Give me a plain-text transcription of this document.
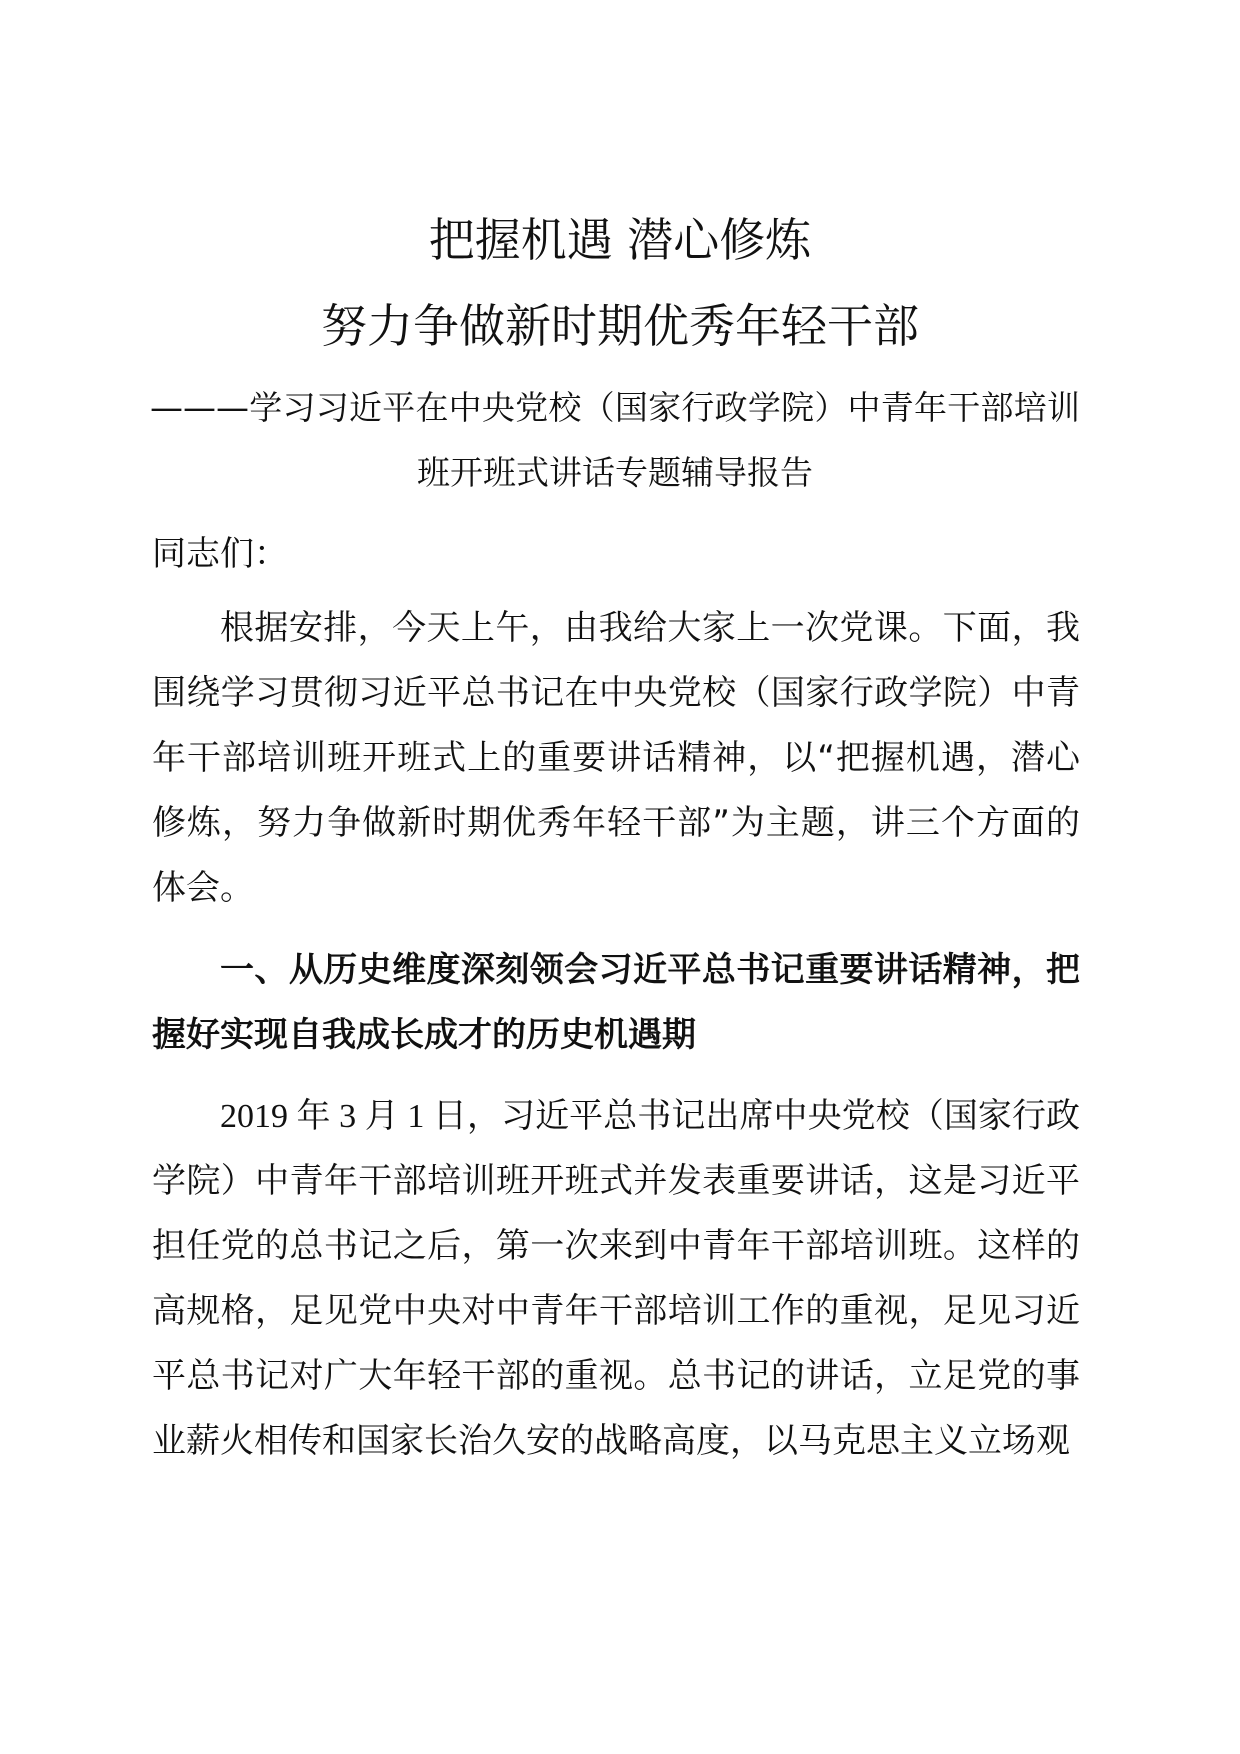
把握机遇 潜心修炼
努力争做新时期优秀年轻干部

———学习习近平在中央党校（国家行政学院）中青年干部培训

班开班式讲话专题辅导报告

同志们：

根据安排，今天上午，由我给大家上一次党课。下面，我围绕学习贯彻习近平总书记在中央党校（国家行政学院）中青年干部培训班开班式上的重要讲话精神，以“把握机遇，潜心修炼，努力争做新时期优秀年轻干部”为主题，讲三个方面的体会。

一、从历史维度深刻领会习近平总书记重要讲话精神，把握好实现自我成长成才的历史机遇期

2019 年 3 月 1 日，习近平总书记出席中央党校（国家行政学院）中青年干部培训班开班式并发表重要讲话，这是习近平担任党的总书记之后，第一次来到中青年干部培训班。这样的高规格，足见党中央对中青年干部培训工作的重视，足见习近平总书记对广大年轻干部的重视。总书记的讲话，立足党的事业薪火相传和国家长治久安的战略高度，以马克思主义立场观
